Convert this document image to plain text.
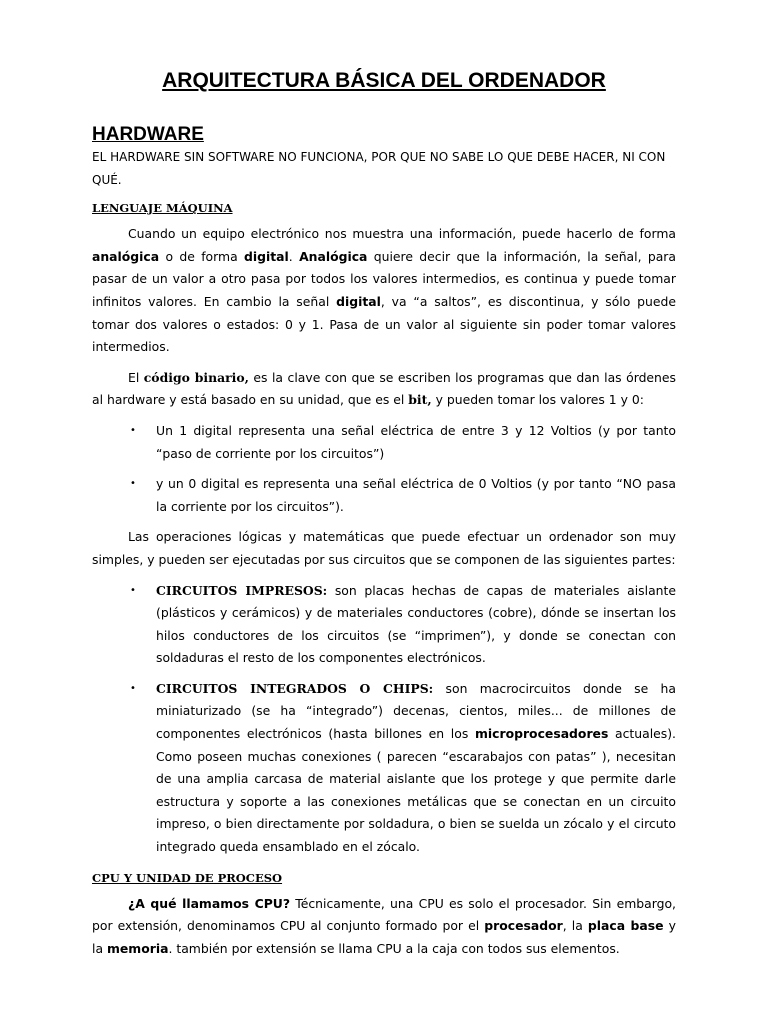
ARQUITECTURA BÁSICA DEL ORDENADOR
HARDWARE
EL HARDWARE SIN SOFTWARE NO FUNCIONA, POR QUE NO SABE LO QUE DEBE HACER, NI CON QUÉ.
LENGUAJE MÁQUINA

Cuando un equipo electrónico nos muestra una información, puede hacerlo de forma analógica o de forma digital. Analógica quiere decir que la información, la señal, para pasar de un valor a otro pasa por todos los valores intermedios, es continua y puede tomar infinitos valores. En cambio la señal digital, va “a saltos”, es discontinua, y sólo puede tomar dos valores o estados: 0 y 1. Pasa de un valor al siguiente sin poder tomar valores intermedios.

El código binario, es la clave con que se escriben los programas que dan las órdenes al hardware y está basado en su unidad, que es el bit, y pueden tomar los valores 1 y 0:

• Un 1 digital representa una señal eléctrica de entre 3 y 12 Voltios (y por tanto “paso de corriente por los circuitos”)
• y un 0 digital es representa una señal eléctrica de 0 Voltios (y por tanto “NO pasa la corriente por los circuitos”).

Las operaciones lógicas y matemáticas que puede efectuar un ordenador son muy simples, y pueden ser ejecutadas por sus circuitos que se componen de las siguientes partes:

• CIRCUITOS IMPRESOS: son placas hechas de capas de materiales aislante (plásticos y cerámicos) y de materiales conductores (cobre), dónde se insertan los hilos conductores de los circuitos (se “imprimen”), y donde se conectan con soldaduras el resto de los componentes electrónicos.
• CIRCUITOS INTEGRADOS O CHIPS: son macrocircuitos donde se ha miniaturizado (se ha “integrado”) decenas, cientos, miles... de millones de componentes electrónicos (hasta billones en los microprocesadores actuales). Como poseen muchas conexiones ( parecen “escarabajos con patas” ), necesitan de una amplia carcasa de material aislante que los protege y que permite darle estructura y soporte a las conexiones metálicas que se conectan en un circuito impreso, o bien directamente por soldadura, o bien se suelda un zócalo y el circuto integrado queda ensamblado en el zócalo.
CPU Y UNIDAD DE PROCESO

¿A qué llamamos CPU? Técnicamente, una CPU es solo el procesador. Sin embargo, por extensión, denominamos CPU al conjunto formado por el procesador, la placa base y la memoria. también por extensión se llama CPU a la caja con todos sus elementos.
